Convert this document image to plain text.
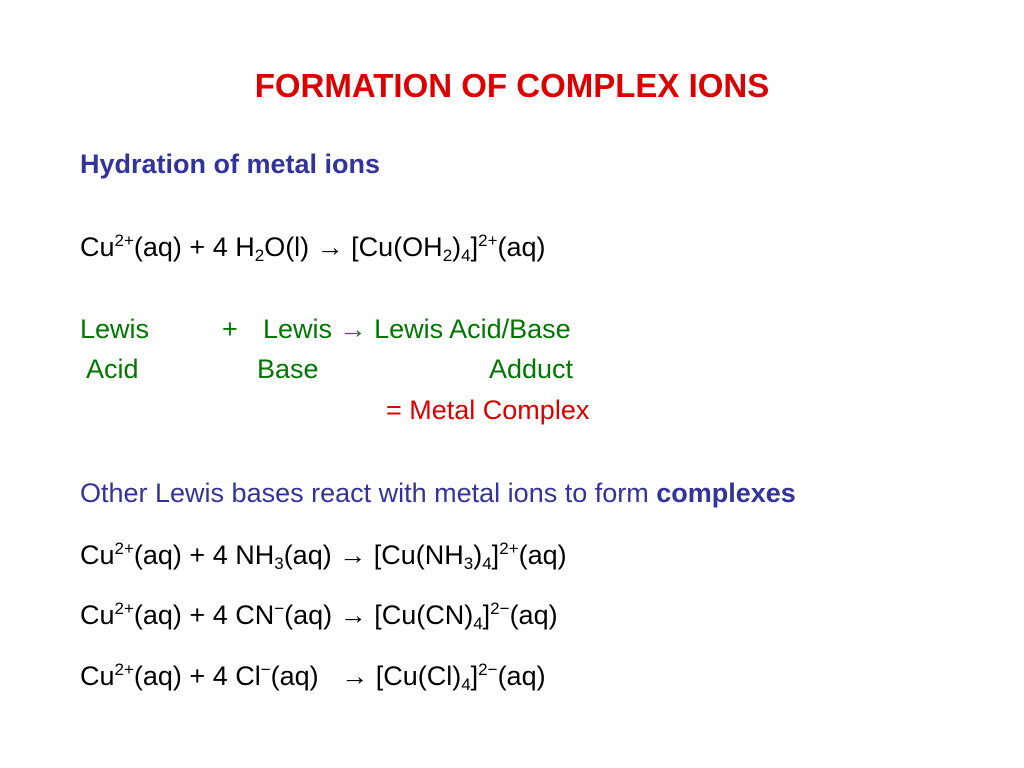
FORMATION OF COMPLEX IONS
Hydration of metal ions
$Cu^{2+}(aq) + 4$ $H_2O(l) \to [Cu(OH_2)_4]^{2+}(aq)$
Lewis	+ Lewis → Lewis Acid/Base
Acid	Base	Adduct
= Metal Complex
Other Lewis bases react with metal ions to form complexes
$Cu^{2+}(aq) + 4$ $NH_3(aq) \to [Cu(NH_3)_4]^{2+}(aq)$
$Cu^{2+}(aq) + 4$ $CN^-(aq) \to [Cu(CN)_4]^{2-}(aq)$
$Cu^{2+}(aq) + 4$ $Cl^-(aq) \to [Cu(Cl)_4]^{2-}(aq)$
